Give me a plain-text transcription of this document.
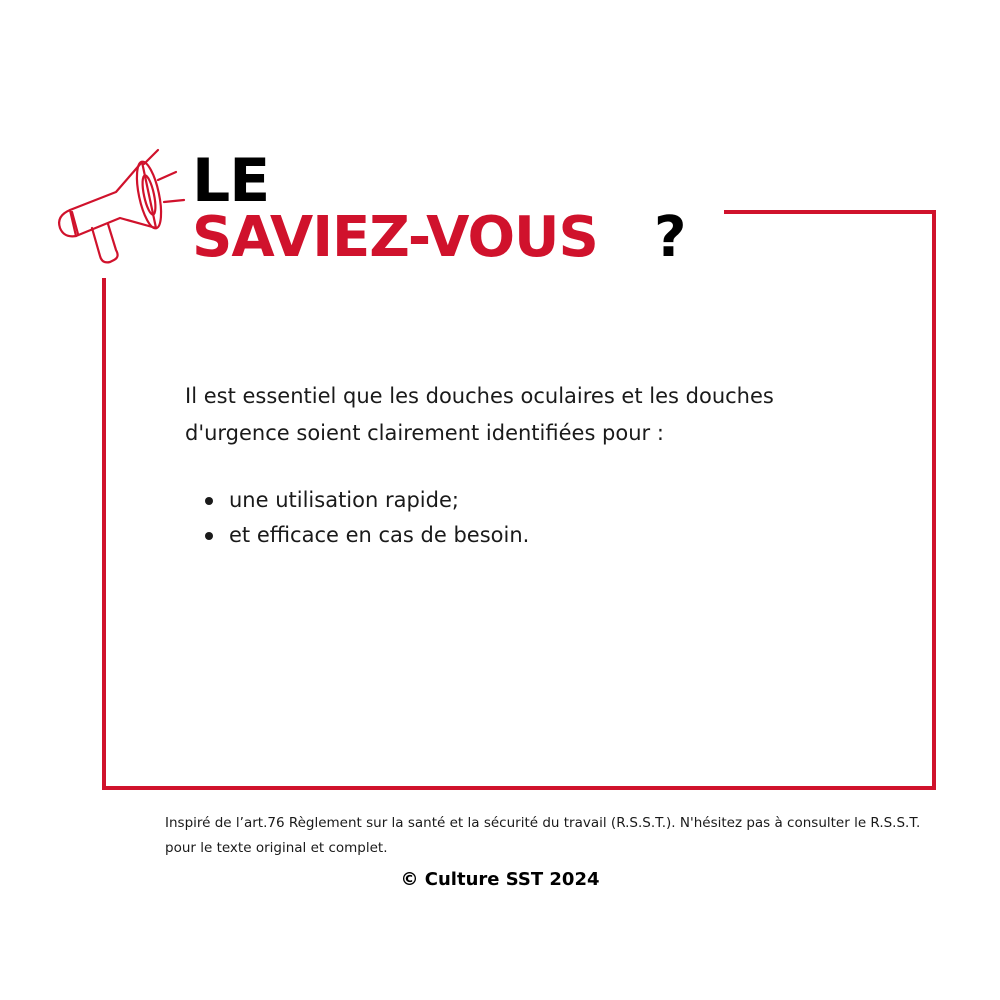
LE
SAVIEZ-VOUS ?

Il est essentiel que les douches oculaires et les douches d'urgence soient clairement identifiées pour :

une utilisation rapide;
et efficace en cas de besoin.

Inspiré de l’art.76 Règlement sur la santé et la sécurité du travail (R.S.S.T.). N'hésitez pas à consulter le R.S.S.T. pour le texte original et complet.

© Culture SST 2024
